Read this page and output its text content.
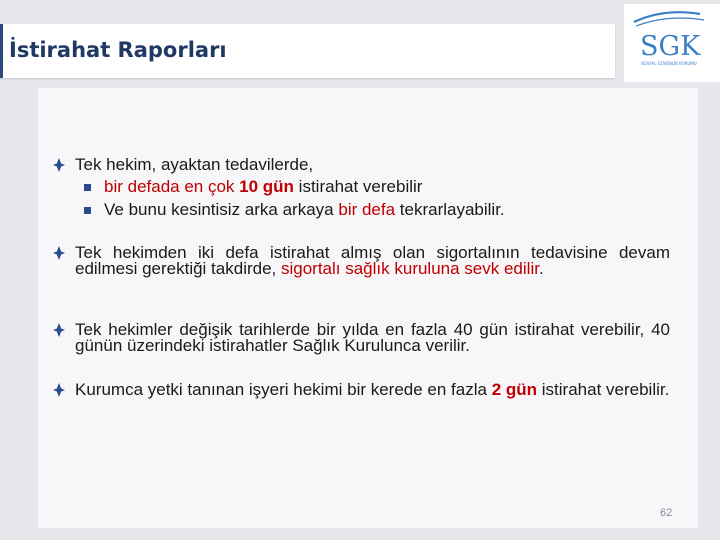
İstirahat Raporları	SGK
SOSYAL GÜVENLİK KURUMU
Tek hekim, ayaktan tedavilerde,
bir defada en çok 10 gün istirahat verebilir
Ve bunu kesintisiz arka arkaya bir defa tekrarlayabilir.
Tek hekimden iki defa istirahat almış olan sigortalının tedavisine devam edilmesi gerektiği takdirde, sigortalı sağlık kuruluna sevk edilir.
Tek hekimler değişik tarihlerde bir yılda en fazla 40 gün istirahat verebilir, 40 günün üzerindeki istirahatler Sağlık Kurulunca verilir.
Kurumca yetki tanınan işyeri hekimi bir kerede en fazla 2 gün istirahat verebilir.
62
